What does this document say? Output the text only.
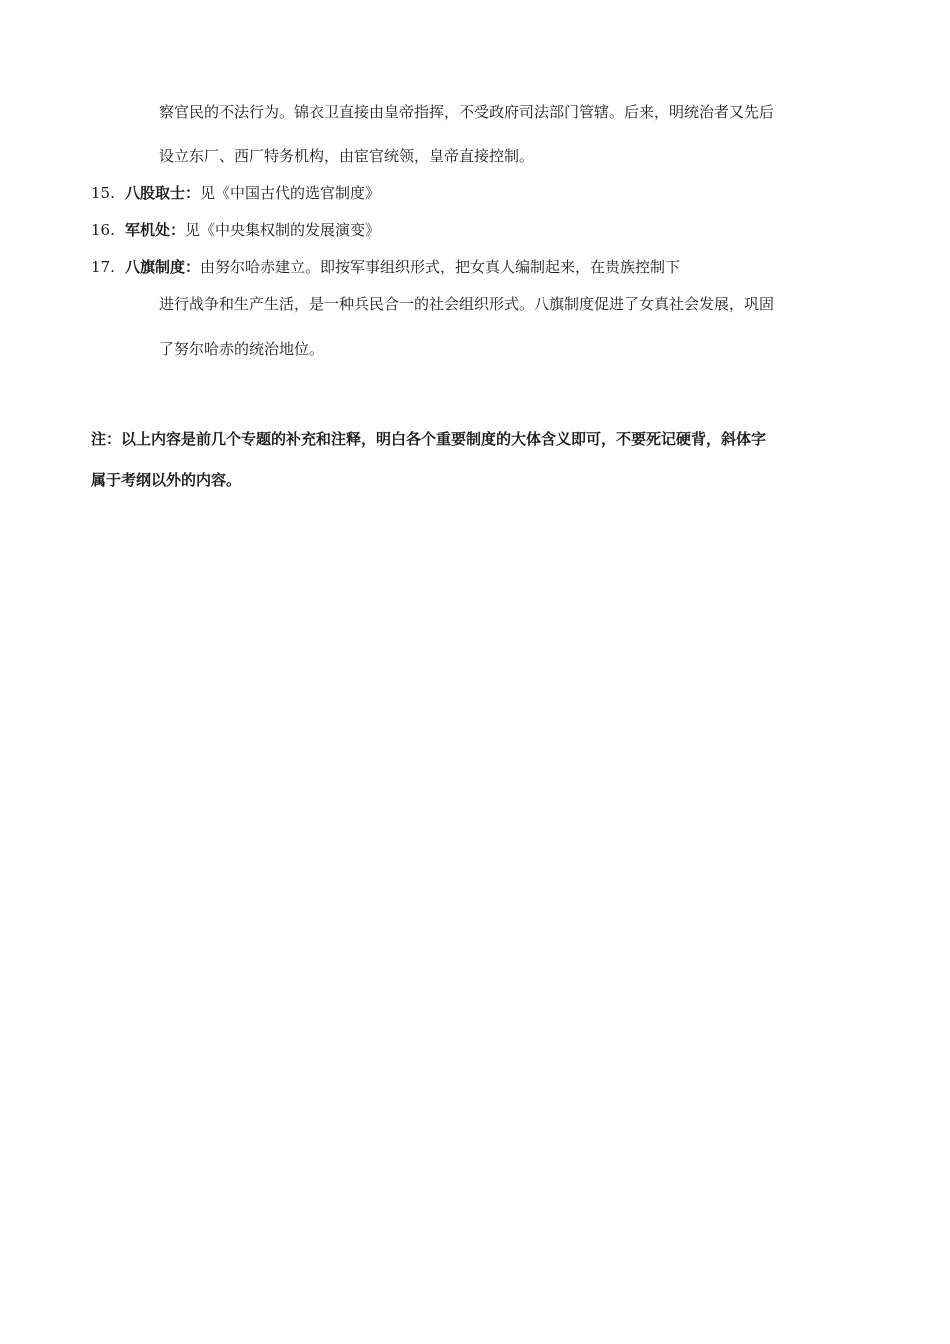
察官民的不法行为。锦衣卫直接由皇帝指挥，不受政府司法部门管辖。后来，明统治者又先后
设立东厂、西厂特务机构，由宦官统领，皇帝直接控制。
15. 八股取士：见《中国古代的选官制度》
16. 军机处：见《中央集权制的发展演变》
17. 八旗制度：由努尔哈赤建立。即按军事组织形式，把女真人编制起来，在贵族控制下
进行战争和生产生活，是一种兵民合一的社会组织形式。八旗制度促进了女真社会发展，巩固
了努尔哈赤的统治地位。
注：以上内容是前几个专题的补充和注释，明白各个重要制度的大体含义即可，不要死记硬背，斜体字
属于考纲以外的内容。
